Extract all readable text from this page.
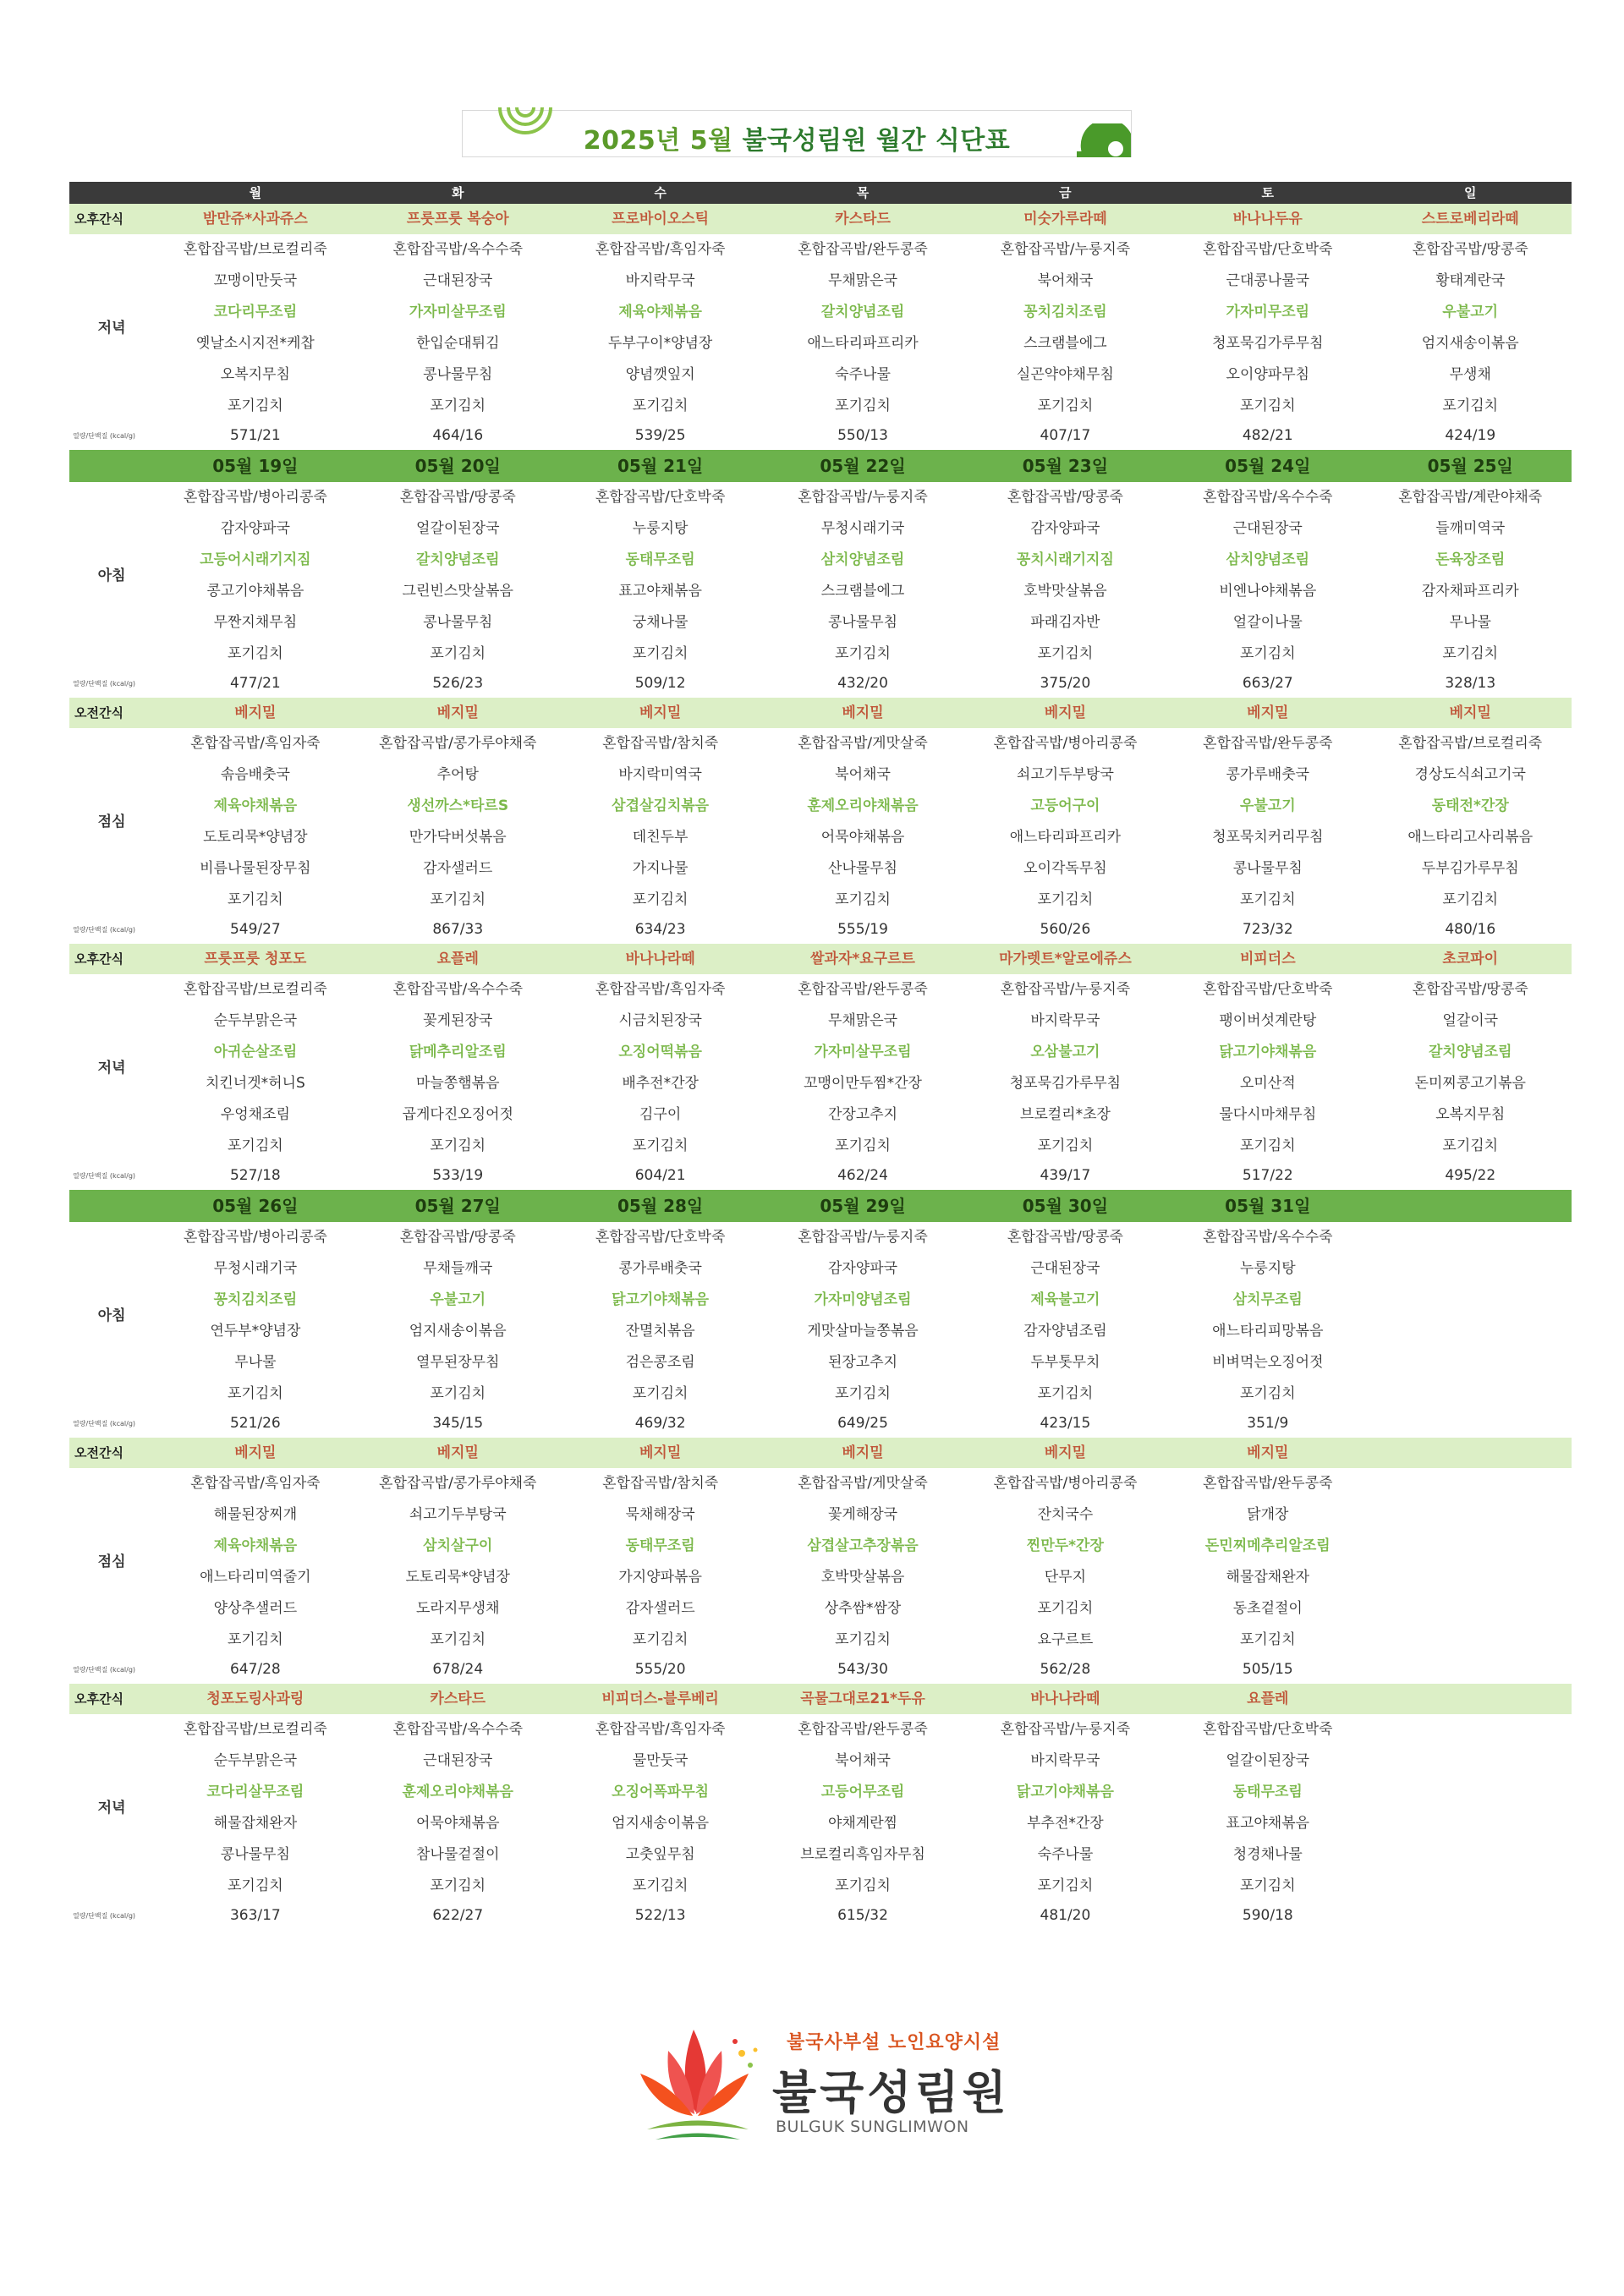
2025년 5월 불국성림원 월간 식단표
	월	화	수	목	금	토	일
오후간식	밤만쥬*사과쥬스	프룻프룻 복숭아	프로바이오스틱	카스타드	미숫가루라떼	바나나두유	스트로베리라떼
저녁	혼합잡곡밥/브로컬리죽	혼합잡곡밥/옥수수죽	혼합잡곡밥/흑임자죽	혼합잡곡밥/완두콩죽	혼합잡곡밥/누룽지죽	혼합잡곡밥/단호박죽	혼합잡곡밥/땅콩죽
	꼬맹이만둣국	근대된장국	바지락무국	무채맑은국	북어채국	근대콩나물국	황태계란국
	코다리무조림	가자미살무조림	제육야채볶음	갈치양념조림	꽁치김치조림	가자미무조림	우불고기
	옛날소시지전*케찹	한입순대튀김	두부구이*양념장	애느타리파프리카	스크램블에그	청포묵김가루무침	엄지새송이볶음
	오복지무침	콩나물무침	양념깻잎지	숙주나물	실곤약야채무침	오이양파무침	무생채
	포기김치	포기김치	포기김치	포기김치	포기김치	포기김치	포기김치
열량/단백질 (kcal/g)	571/21	464/16	539/25	550/13	407/17	482/21	424/19
	05월 19일	05월 20일	05월 21일	05월 22일	05월 23일	05월 24일	05월 25일
아침	혼합잡곡밥/병아리콩죽	혼합잡곡밥/땅콩죽	혼합잡곡밥/단호박죽	혼합잡곡밥/누룽지죽	혼합잡곡밥/땅콩죽	혼합잡곡밥/옥수수죽	혼합잡곡밥/계란야채죽
	감자양파국	얼갈이된장국	누룽지탕	무청시래기국	감자양파국	근대된장국	들깨미역국
	고등어시래기지짐	갈치양념조림	동태무조림	삼치양념조림	꽁치시래기지짐	삼치양념조림	돈육장조림
	콩고기야채볶음	그린빈스맛살볶음	표고야채볶음	스크램블에그	호박맛살볶음	비엔나야채볶음	감자채파프리카
	무짠지채무침	콩나물무침	궁채나물	콩나물무침	파래김자반	얼갈이나물	무나물
	포기김치	포기김치	포기김치	포기김치	포기김치	포기김치	포기김치
열량/단백질 (kcal/g)	477/21	526/23	509/12	432/20	375/20	663/27	328/13
오전간식	베지밀	베지밀	베지밀	베지밀	베지밀	베지밀	베지밀
점심	혼합잡곡밥/흑임자죽	혼합잡곡밥/콩가루야채죽	혼합잡곡밥/참치죽	혼합잡곡밥/게맛살죽	혼합잡곡밥/병아리콩죽	혼합잡곡밥/완두콩죽	혼합잡곡밥/브로컬리죽
	솎음배춧국	추어탕	바지락미역국	북어채국	쇠고기두부탕국	콩가루배춧국	경상도식쇠고기국
	제육야채볶음	생선까스*타르S	삼겹살김치볶음	훈제오리야채볶음	고등어구이	우불고기	동태전*간장
	도토리묵*양념장	만가닥버섯볶음	데친두부	어묵야채볶음	애느타리파프리카	청포묵치커리무침	애느타리고사리볶음
	비름나물된장무침	감자샐러드	가지나물	산나물무침	오이각독무침	콩나물무침	두부김가루무침
	포기김치	포기김치	포기김치	포기김치	포기김치	포기김치	포기김치
열량/단백질 (kcal/g)	549/27	867/33	634/23	555/19	560/26	723/32	480/16
오후간식	프룻프룻 청포도	요플레	바나나라떼	쌀과자*요구르트	마가렛트*알로에쥬스	비피더스	초코파이
저녁	혼합잡곡밥/브로컬리죽	혼합잡곡밥/옥수수죽	혼합잡곡밥/흑임자죽	혼합잡곡밥/완두콩죽	혼합잡곡밥/누룽지죽	혼합잡곡밥/단호박죽	혼합잡곡밥/땅콩죽
	순두부맑은국	꽃게된장국	시금치된장국	무채맑은국	바지락무국	팽이버섯계란탕	얼갈이국
	아귀순살조림	닭메추리알조림	오징어떡볶음	가자미살무조림	오삼불고기	닭고기야채볶음	갈치양념조림
	치킨너겟*허니S	마늘쫑햄볶음	배추전*간장	꼬맹이만두찜*간장	청포묵김가루무침	오미산적	돈미찌콩고기볶음
	우엉채조림	곱게다진오징어젓	김구이	간장고추지	브로컬리*초장	물다시마채무침	오복지무침
	포기김치	포기김치	포기김치	포기김치	포기김치	포기김치	포기김치
열량/단백질 (kcal/g)	527/18	533/19	604/21	462/24	439/17	517/22	495/22
	05월 26일	05월 27일	05월 28일	05월 29일	05월 30일	05월 31일	
아침	혼합잡곡밥/병아리콩죽	혼합잡곡밥/땅콩죽	혼합잡곡밥/단호박죽	혼합잡곡밥/누룽지죽	혼합잡곡밥/땅콩죽	혼합잡곡밥/옥수수죽	
	무청시래기국	무채들깨국	콩가루배춧국	감자양파국	근대된장국	누룽지탕	
	꽁치김치조림	우불고기	닭고기야채볶음	가자미양념조림	제육불고기	삼치무조림	
	연두부*양념장	엄지새송이볶음	잔멸치볶음	게맛살마늘쫑볶음	감자양념조림	애느타리피망볶음	
	무나물	열무된장무침	검은콩조림	된장고추지	두부톳무치	비벼먹는오징어젓	
	포기김치	포기김치	포기김치	포기김치	포기김치	포기김치	
열량/단백질 (kcal/g)	521/26	345/15	469/32	649/25	423/15	351/9	
오전간식	베지밀	베지밀	베지밀	베지밀	베지밀	베지밀	
점심	혼합잡곡밥/흑임자죽	혼합잡곡밥/콩가루야채죽	혼합잡곡밥/참치죽	혼합잡곡밥/게맛살죽	혼합잡곡밥/병아리콩죽	혼합잡곡밥/완두콩죽	
	해물된장찌개	쇠고기두부탕국	묵채해장국	꽃게해장국	잔치국수	닭개장	
	제육야채볶음	삼치살구이	동태무조림	삼겹살고추장볶음	찐만두*간장	돈민찌메추리알조림	
	애느타리미역줄기	도토리묵*양념장	가지양파볶음	호박맛살볶음	단무지	해물잡채완자	
	양상추샐러드	도라지무생채	감자샐러드	상추쌈*쌈장	포기김치	동초겉절이	
	포기김치	포기김치	포기김치	포기김치	요구르트	포기김치	
열량/단백질 (kcal/g)	647/28	678/24	555/20	543/30	562/28	505/15	
오후간식	청포도링사과링	카스타드	비피더스-블루베리	곡물그대로21*두유	바나나라떼	요플레	
저녁	혼합잡곡밥/브로컬리죽	혼합잡곡밥/옥수수죽	혼합잡곡밥/흑임자죽	혼합잡곡밥/완두콩죽	혼합잡곡밥/누룽지죽	혼합잡곡밥/단호박죽	
	순두부맑은국	근대된장국	물만둣국	북어채국	바지락무국	얼갈이된장국	
	코다리살무조림	훈제오리야채볶음	오징어폭파무침	고등어무조림	닭고기야채볶음	동태무조림	
	해물잡채완자	어묵야채볶음	엄지새송이볶음	야채계란찜	부추전*간장	표고야채볶음	
	콩나물무침	참나물겉절이	고춧잎무침	브로컬리흑임자무침	숙주나물	청경채나물	
	포기김치	포기김치	포기김치	포기김치	포기김치	포기김치	
열량/단백질 (kcal/g)	363/17	622/27	522/13	615/32	481/20	590/18	
불국사부설 노인요양시설
불국성림원
BULGUK SUNGLIMWON
